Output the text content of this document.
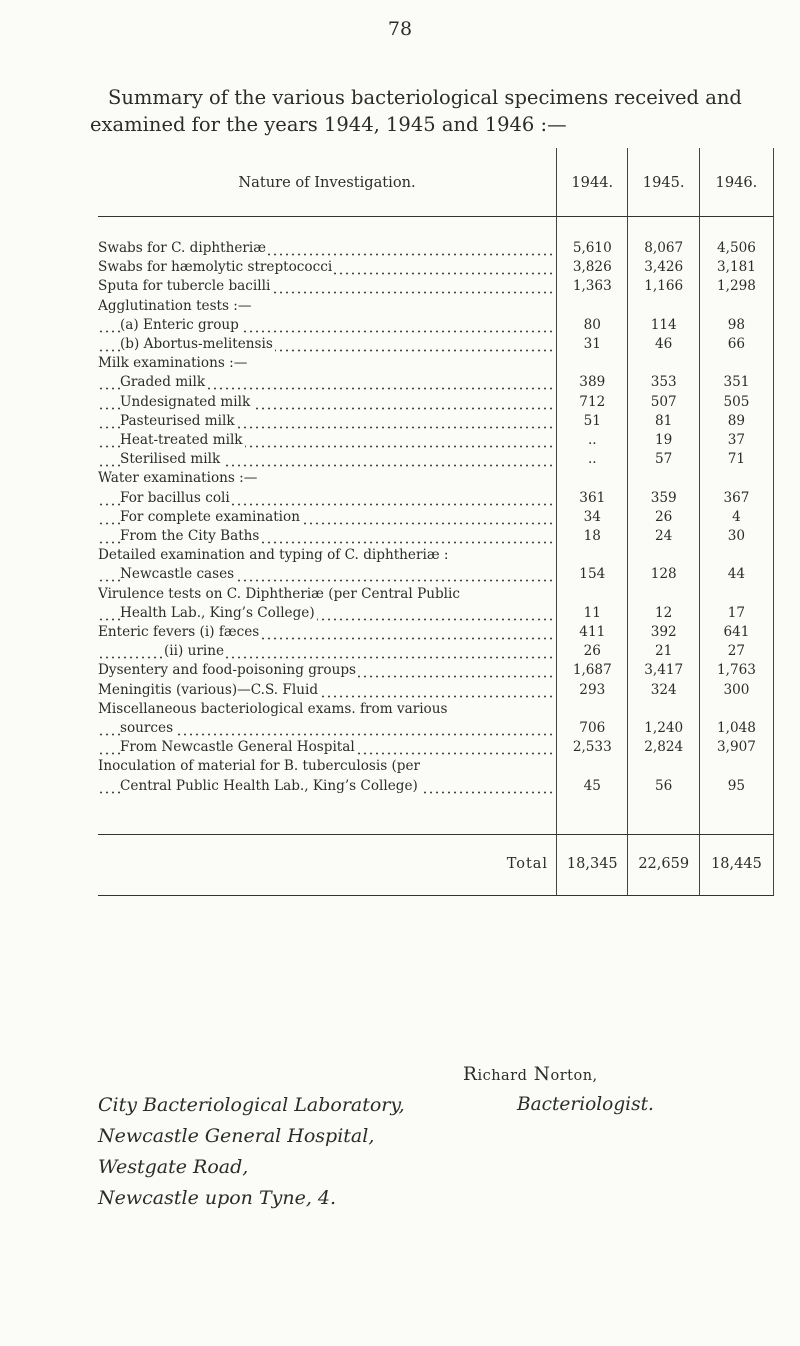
78
Summary of the various bacteriological specimens received and
examined for the years 1944, 1945 and 1946 :—
Nature of Investigation.	1944.	1945.	1946.

Swabs for C. diphtheriæ	5,610	8,067	4,506
Swabs for hæmolytic streptococci	3,826	3,426	3,181
Sputa for tubercle bacilli	1,363	1,166	1,298
Agglutination tests :—			
(a) Enteric group	80	114	98
(b) Abortus-melitensis	31	46	66
Milk examinations :—			
Graded milk	389	353	351
Undesignated milk	712	507	505
Pasteurised milk	51	81	89
Heat-treated milk	..	19	37
Sterilised milk	..	57	71
Water examinations :—			
For bacillus coli	361	359	367
For complete examination	34	26	4
From the City Baths	18	24	30
Detailed examination and typing of C. diphtheriæ :			
Newcastle cases	154	128	44
Virulence tests on C. Diphtheriæ (per Central Public			
Health Lab., King’s College)	11	12	17
Enteric fevers (i) fæces	411	392	641
(ii) urine	26	21	27
Dysentery and food-poisoning groups	1,687	3,417	1,763
Meningitis (various)—C.S. Fluid	293	324	300
Miscellaneous bacteriological exams. from various			
sources	706	1,240	1,048
From Newcastle General Hospital	2,533	2,824	3,907
Inoculation of material for B. tuberculosis (per			
Central Public Health Lab., King’s College)	45	56	95

Total	18,345	22,659	18,445
Richard Norton,
Bacteriologist.
City Bacteriological Laboratory,
Newcastle General Hospital,
Westgate Road,
Newcastle upon Tyne, 4.
